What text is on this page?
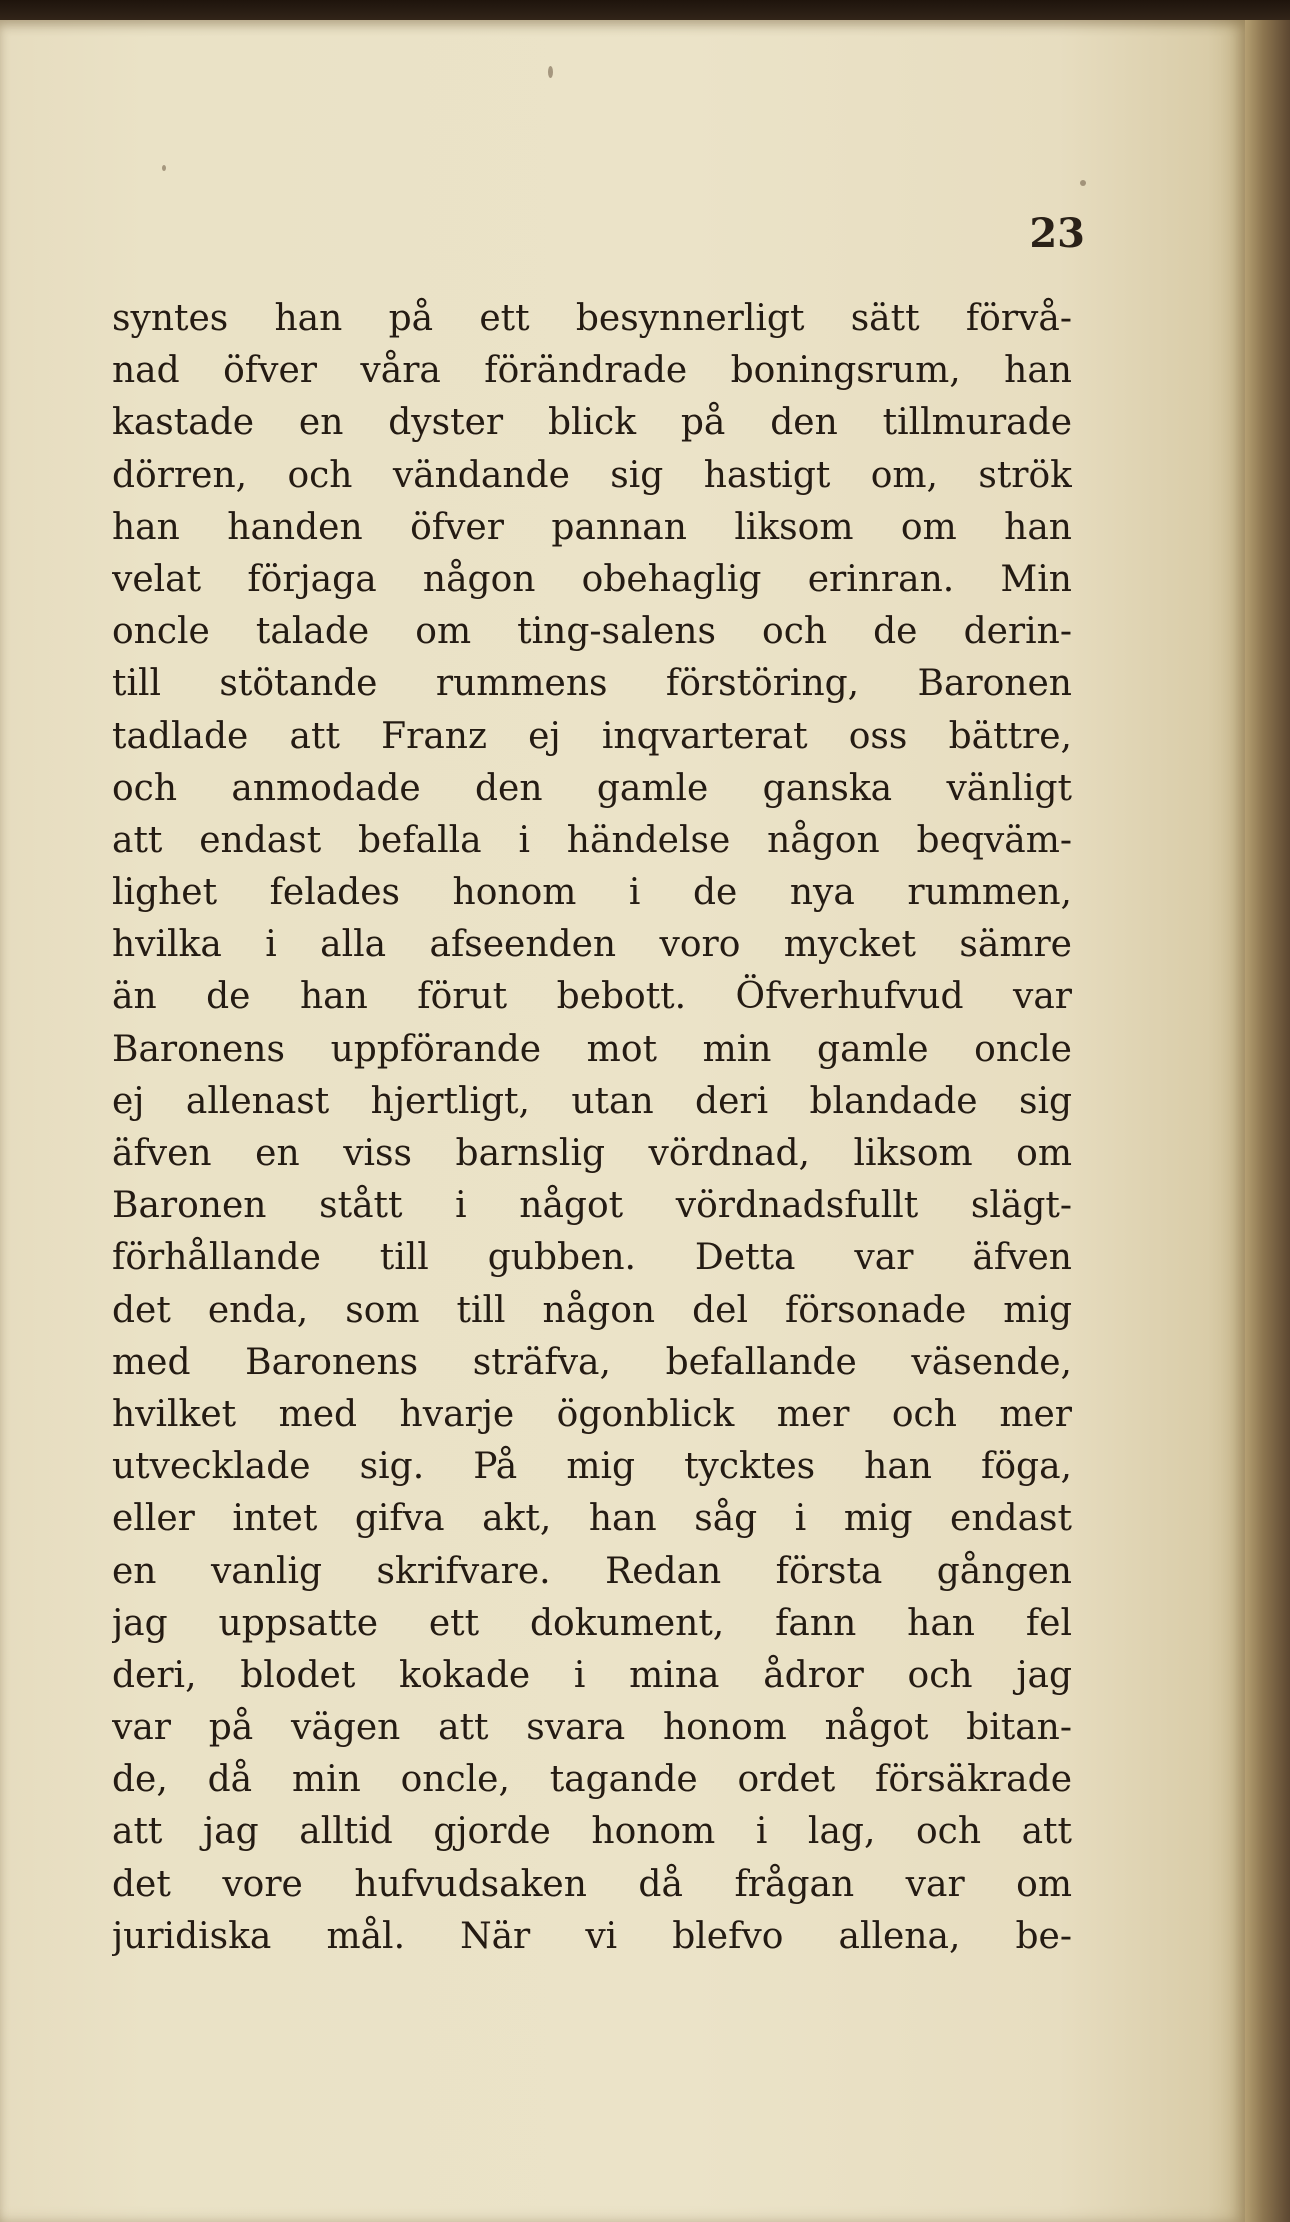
23
syntes han på ett besynnerligt sätt förvå-
nad öfver våra förändrade boningsrum, han
kastade en dyster blick på den tillmurade
dörren, och vändande sig hastigt om, strök
han handen öfver pannan liksom om han
velat förjaga någon obehaglig erinran. Min
oncle talade om ting-salens och de derin-
till stötande rummens förstöring, Baronen
tadlade att Franz ej inqvarterat oss bättre,
och anmodade den gamle ganska vänligt
att endast befalla i händelse någon beqväm-
lighet felades honom i de nya rummen,
hvilka i alla afseenden voro mycket sämre
än de han förut bebott. Öfverhufvud var
Baronens uppförande mot min gamle oncle
ej allenast hjertligt, utan deri blandade sig
äfven en viss barnslig vördnad, liksom om
Baronen stått i något vördnadsfullt slägt-
förhållande till gubben. Detta var äfven
det enda, som till någon del försonade mig
med Baronens sträfva, befallande väsende,
hvilket med hvarje ögonblick mer och mer
utvecklade sig. På mig tycktes han föga,
eller intet gifva akt, han såg i mig endast
en vanlig skrifvare. Redan första gången
jag uppsatte ett dokument, fann han fel
deri, blodet kokade i mina ådror och jag
var på vägen att svara honom något bitan-
de, då min oncle, tagande ordet försäkrade
att jag alltid gjorde honom i lag, och att
det vore hufvudsaken då frågan var om
juridiska mål. När vi blefvo allena, be-
